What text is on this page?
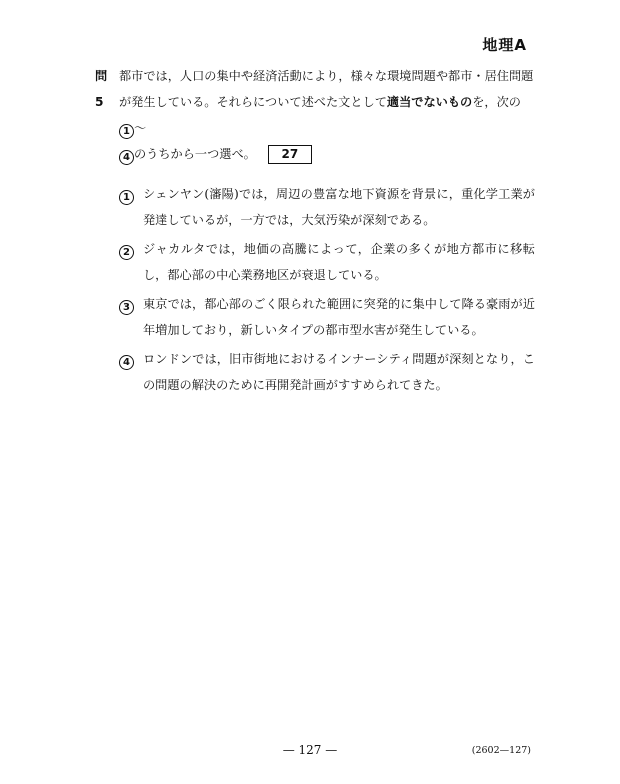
地理A
問 5
都市では，人口の集中や経済活動により，様々な環境問題や都市・居住問題が発生している。それらについて述べた文として適当でないものを，次の1 ～
4 のうちから一つ選べ。 27
1	シェンヤン(瀋陽)では，周辺の豊富な地下資源を背景に，重化学工業が発達しているが，一方では，大気汚染が深刻である。
2	ジャカルタでは，地価の高騰によって，企業の多くが地方都市に移転し，都心部の中心業務地区が衰退している。
3	東京では，都心部のごく限られた範囲に突発的に集中して降る豪雨が近年増加しており，新しいタイプの都市型水害が発生している。
4	ロンドンでは，旧市街地におけるインナーシティ問題が深刻となり，この問題の解決のために再開発計画がすすめられてきた。
— 127 —	(2602—127)
